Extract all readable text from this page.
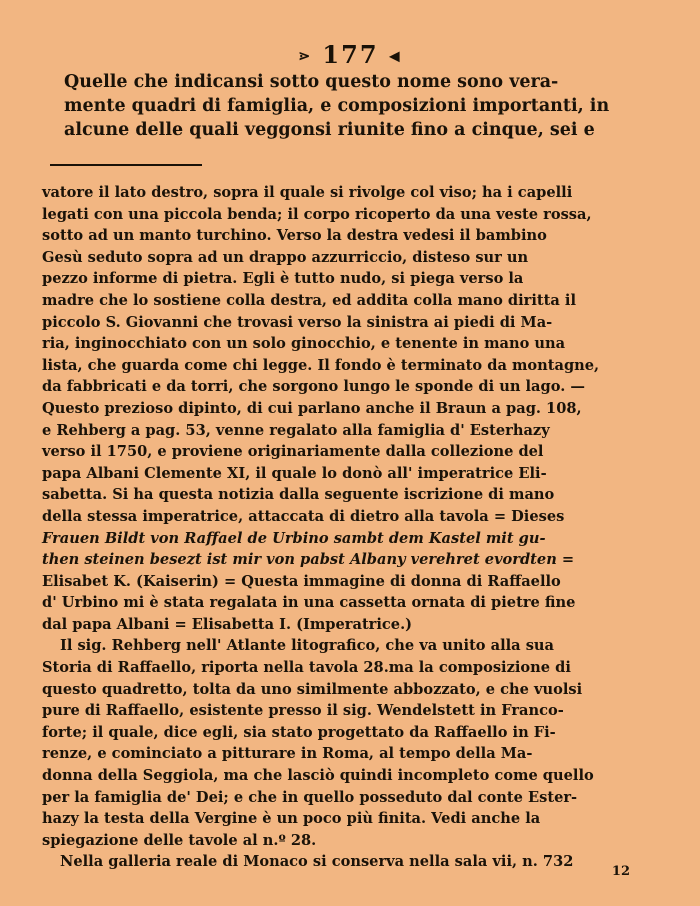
⋗ 177 ◀
Quelle che indicansi sotto questo nome sono vera-
mente quadri di famiglia, e composizioni importanti, in
alcune delle quali veggonsi riunite fino a cinque, sei e
vatore il lato destro, sopra il quale si rivolge col viso; ha i capelli
legati con una piccola benda; il corpo ricoperto da una veste rossa,
sotto ad un manto turchino. Verso la destra vedesi il bambino
Gesù seduto sopra ad un drappo azzurriccio, disteso sur un
pezzo informe di pietra. Egli è tutto nudo, si piega verso la
madre che lo sostiene colla destra, ed addita colla mano diritta il
piccolo S. Giovanni che trovasi verso la sinistra ai piedi di Ma-
ria, inginocchiato con un solo ginocchio, e tenente in mano una
lista, che guarda come chi legge. Il fondo è terminato da montagne,
da fabbricati e da torri, che sorgono lungo le sponde di un lago. —
Questo prezioso dipinto, di cui parlano anche il Braun a pag. 108,
e Rehberg a pag. 53, venne regalato alla famiglia d' Esterhazy
verso il 1750, e proviene originariamente dalla collezione del
papa Albani Clemente XI, il quale lo donò all' imperatrice Eli-
sabetta. Si ha questa notizia dalla seguente iscrizione di mano
della stessa imperatrice, attaccata di dietro alla tavola = Dieses
Frauen Bildt von Raffael de Urbino sambt dem Kastel mit gu-
then steinen besezt ist mir von pabst Albany verehret evordten =
Elisabet K. (Kaiserin) = Questa immagine di donna di Raffaello
d' Urbino mi è stata regalata in una cassetta ornata di pietre fine
dal papa Albani = Elisabetta I. (Imperatrice.)
Il sig. Rehberg nell' Atlante litografico, che va unito alla sua
Storia di Raffaello, riporta nella tavola 28.ma la composizione di
questo quadretto, tolta da uno similmente abbozzato, e che vuolsi
pure di Raffaello, esistente presso il sig. Wendelstett in Franco-
forte; il quale, dice egli, sia stato progettato da Raffaello in Fi-
renze, e cominciato a pitturare in Roma, al tempo della Ma-
donna della Seggiola, ma che lasciò quindi incompleto come quello
per la famiglia de' Dei; e che in quello posseduto dal conte Ester-
hazy la testa della Vergine è un poco più finita. Vedi anche la
spiegazione delle tavole al n.º 28.
Nella galleria reale di Monaco si conserva nella sala vii, n. 732
12
